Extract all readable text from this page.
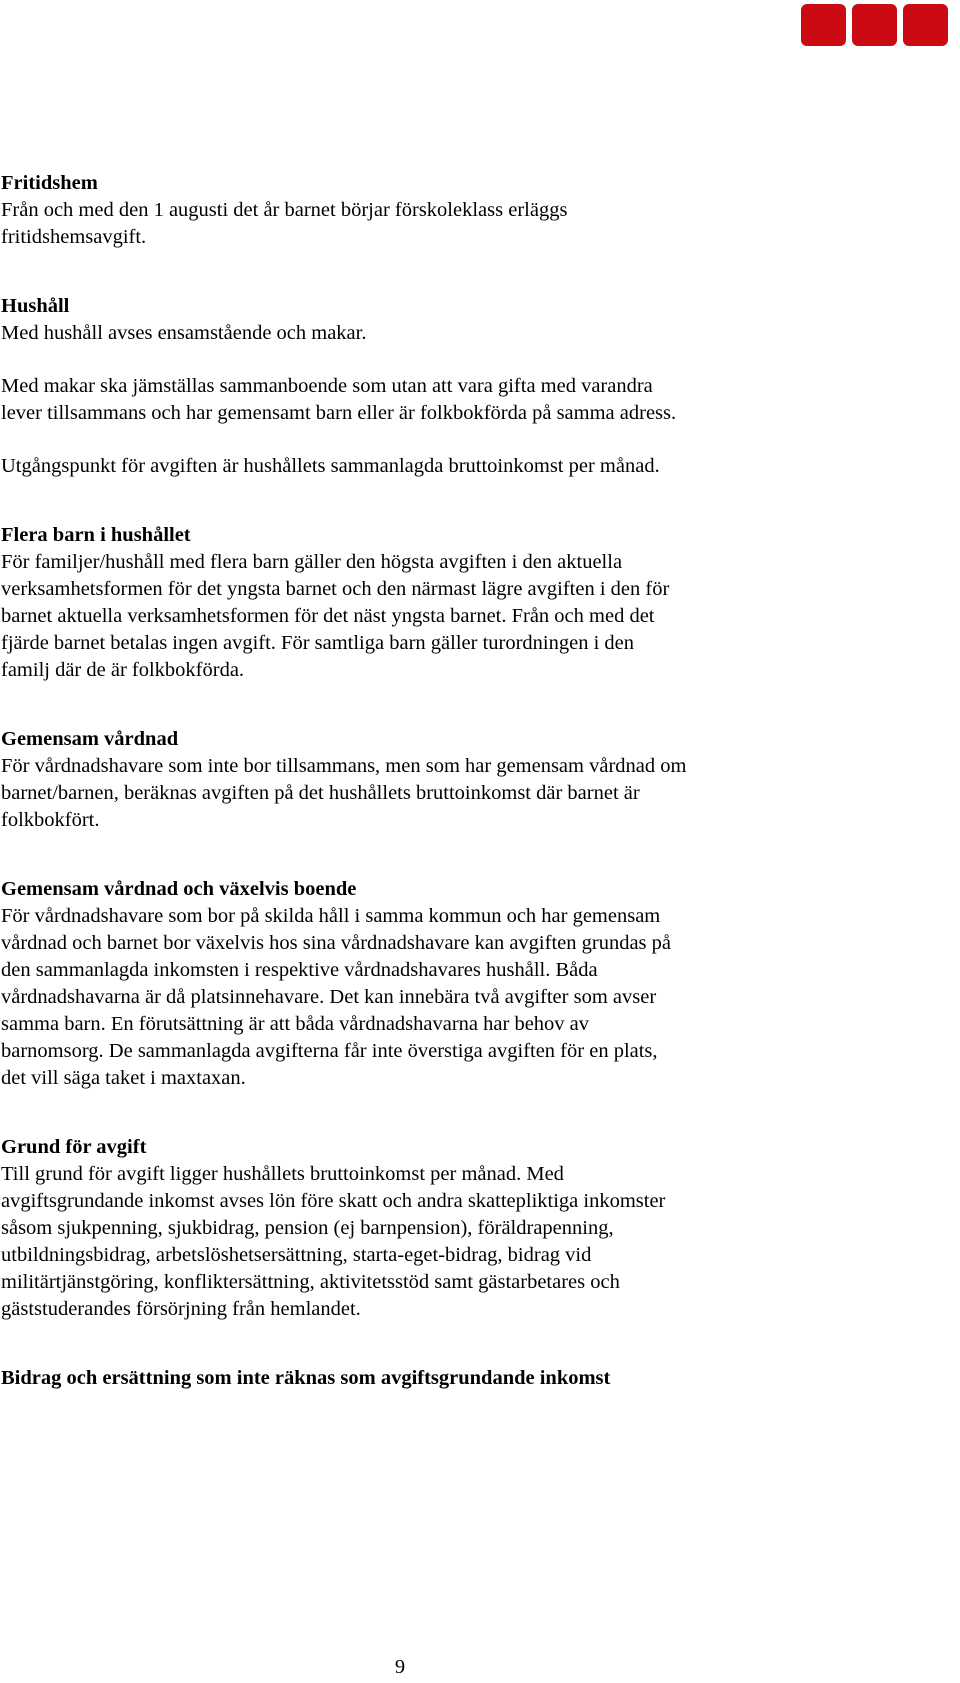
Fritidshem

Från och med den 1 augusti det år barnet börjar förskoleklass erläggs
fritidshemsavgift.

Hushåll

Med hushåll avses ensamstående och makar.

Med makar ska jämställas sammanboende som utan att vara gifta med varandra
lever tillsammans och har gemensamt barn eller är folkbokförda på samma adress.

Utgångspunkt för avgiften är hushållets sammanlagda bruttoinkomst per månad.

Flera barn i hushållet

För familjer/hushåll med flera barn gäller den högsta avgiften i den aktuella
verksamhetsformen för det yngsta barnet och den närmast lägre avgiften i den för
barnet aktuella verksamhetsformen för det näst yngsta barnet. Från och med det
fjärde barnet betalas ingen avgift. För samtliga barn gäller turordningen i den
familj där de är folkbokförda.

Gemensam vårdnad

För vårdnadshavare som inte bor tillsammans, men som har gemensam vårdnad om
barnet/barnen, beräknas avgiften på det hushållets bruttoinkomst där barnet är
folkbokfört.

Gemensam vårdnad och växelvis boende

För vårdnadshavare som bor på skilda håll i samma kommun och har gemensam
vårdnad och barnet bor växelvis hos sina vårdnadshavare kan avgiften grundas på
den sammanlagda inkomsten i respektive vårdnadshavares hushåll. Båda
vårdnadshavarna är då platsinnehavare. Det kan innebära två avgifter som avser
samma barn. En förutsättning är att båda vårdnadshavarna har behov av
barnomsorg. De sammanlagda avgifterna får inte överstiga avgiften för en plats,
det vill säga taket i maxtaxan.

Grund för avgift

Till grund för avgift ligger hushållets bruttoinkomst per månad. Med
avgiftsgrundande inkomst avses lön före skatt och andra skattepliktiga inkomster
såsom sjukpenning, sjukbidrag, pension (ej barnpension), föräldrapenning,
utbildningsbidrag, arbetslöshetsersättning, starta-eget-bidrag, bidrag vid
militärtjänstgöring, konfliktersättning, aktivitetsstöd samt gästarbetares och
gäststuderandes försörjning från hemlandet.

Bidrag och ersättning som inte räknas som avgiftsgrundande inkomst

9
